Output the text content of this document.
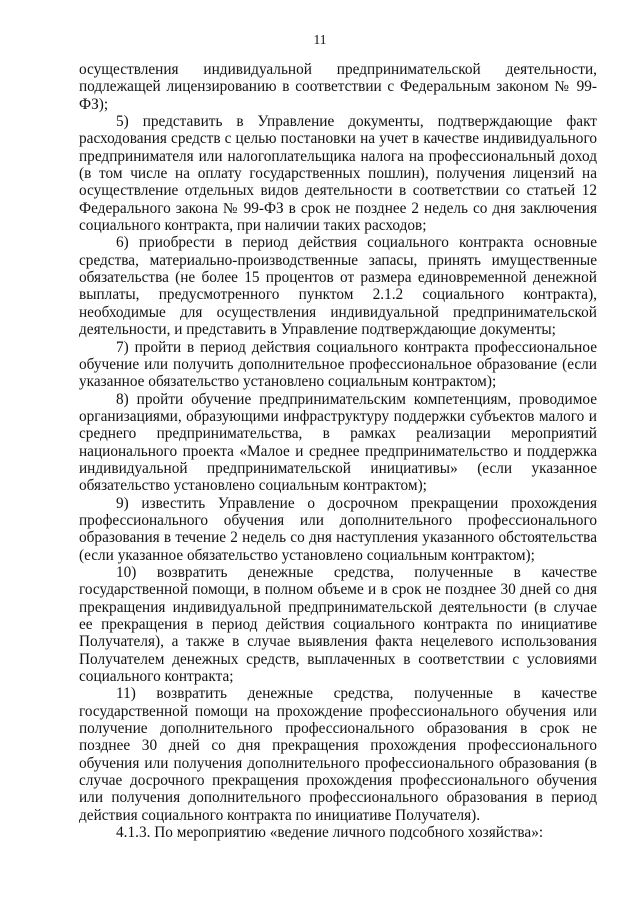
11

осуществления индивидуальной предпринимательской деятельности, подлежащей лицензированию в соответствии с Федеральным законом № 99-ФЗ);

5) представить в Управление документы, подтверждающие факт расходования средств с целью постановки на учет в качестве индивидуального предпринимателя или налогоплательщика налога на профессиональный доход (в том числе на оплату государственных пошлин), получения лицензий на осуществление отдельных видов деятельности в соответствии со статьей 12 Федерального закона № 99-ФЗ в срок не позднее 2 недель со дня заключения социального контракта, при наличии таких расходов;

6) приобрести в период действия социального контракта основные средства, материально-производственные запасы, принять имущественные обязательства (не более 15 процентов от размера единовременной денежной выплаты, предусмотренного пунктом 2.1.2 социального контракта), необходимые для осуществления индивидуальной предпринимательской деятельности, и представить в Управление подтверждающие документы;

7) пройти в период действия социального контракта профессиональное обучение или получить дополнительное профессиональное образование (если указанное обязательство установлено социальным контрактом);

8) пройти обучение предпринимательским компетенциям, проводимое организациями, образующими инфраструктуру поддержки субъектов малого и среднего предпринимательства, в рамках реализации мероприятий национального проекта «Малое и среднее предпринимательство и поддержка индивидуальной предпринимательской инициативы» (если указанное обязательство установлено социальным контрактом);

9) известить Управление о досрочном прекращении прохождения профессионального обучения или дополнительного профессионального образования в течение 2 недель со дня наступления указанного обстоятельства (если указанное обязательство установлено социальным контрактом);

10) возвратить денежные средства, полученные в качестве государственной помощи, в полном объеме и в срок не позднее 30 дней со дня прекращения индивидуальной предпринимательской деятельности (в случае ее прекращения в период действия социального контракта по инициативе Получателя), а также в случае выявления факта нецелевого использования Получателем денежных средств, выплаченных в соответствии с условиями социального контракта;

11) возвратить денежные средства, полученные в качестве государственной помощи на прохождение профессионального обучения или получение дополнительного профессионального образования в срок не позднее 30 дней со дня прекращения прохождения профессионального обучения или получения дополнительного профессионального образования (в случае досрочного прекращения прохождения профессионального обучения или получения дополнительного профессионального образования в период действия социального контракта по инициативе Получателя).

4.1.3. По мероприятию «ведение личного подсобного хозяйства»:
